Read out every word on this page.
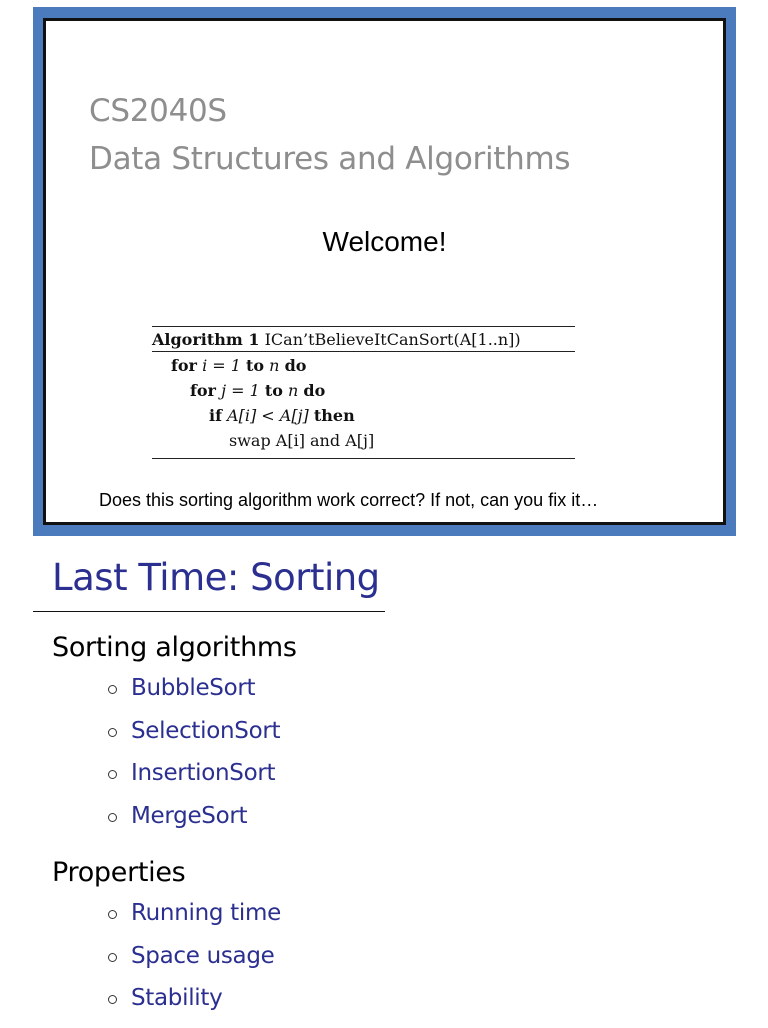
CS2040S
Data Structures and Algorithms
Welcome!
Algorithm 1 ICan’tBelieveItCanSort(A[1..n])
for i = 1 to n do
for j = 1 to n do
if A[i] < A[j] then
swap A[i] and A[j]
Does this sorting algorithm work correct? If not, can you fix it…
Last Time: Sorting
Sorting algorithms
BubbleSort
SelectionSort
InsertionSort
MergeSort
Properties
Running time
Space usage
Stability
